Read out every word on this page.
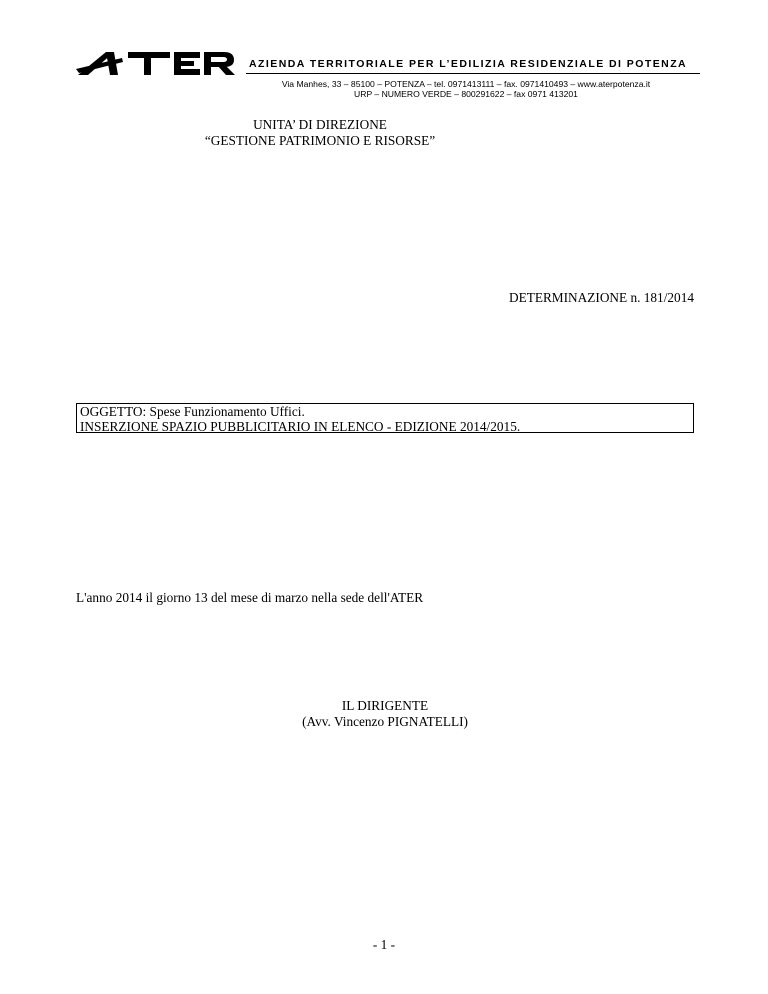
AZIENDA TERRITORIALE PER L’EDILIZIA RESIDENZIALE DI POTENZA
Via Manhes, 33 – 85100 – POTENZA – tel. 0971413111 – fax. 0971410493 – www.aterpotenza.it
URP – NUMERO VERDE – 800291622 – fax 0971 413201
UNITA’ DI DIREZIONE
“GESTIONE PATRIMONIO E RISORSE”
DETERMINAZIONE n. 181/2014
OGGETTO: Spese Funzionamento Uffici.
INSERZIONE SPAZIO PUBBLICITARIO IN ELENCO - EDIZIONE 2014/2015.
L'anno 2014 il giorno 13 del mese di marzo nella sede dell'ATER
IL DIRIGENTE
(Avv. Vincenzo PIGNATELLI)
- 1 -
